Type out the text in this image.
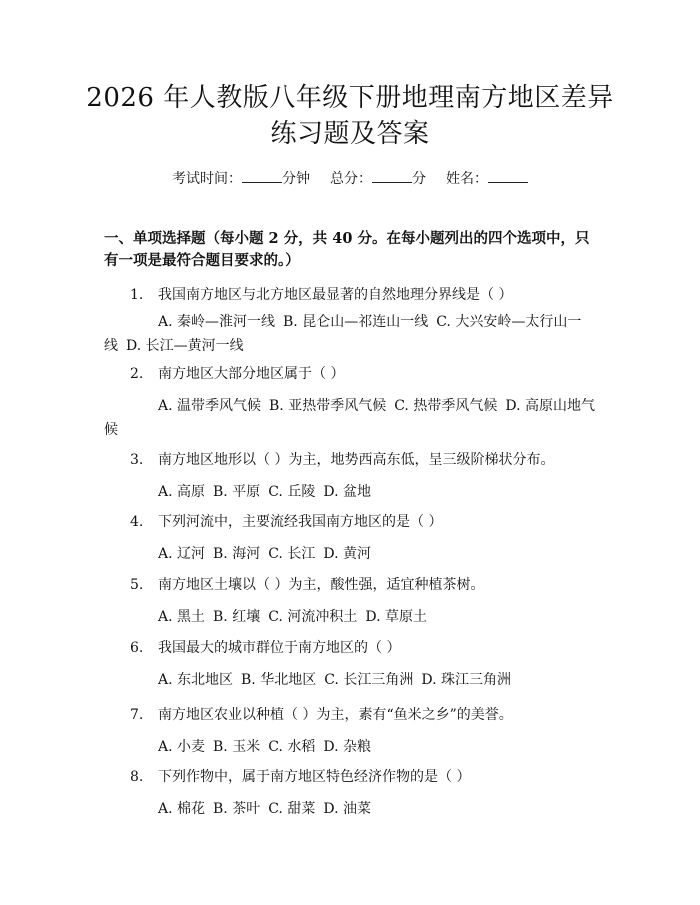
2026 年人教版八年级下册地理南方地区差异
练习题及答案
考试时间：	分钟 总分：	分 姓名：
一、单项选择题（每小题 2 分，共 40 分。在每小题列出的四个选项中，只有一项是最符合题目要求的。）
1. 我国南方地区与北方地区最显著的自然地理分界线是（ ）
A. 秦岭—淮河一线 B. 昆仑山—祁连山一线 C. 大兴安岭—太行山一线 D. 长江—黄河一线
2. 南方地区大部分地区属于（ ）
A. 温带季风气候 B. 亚热带季风气候 C. 热带季风气候 D. 高原山地气候
3. 南方地区地形以（ ）为主，地势西高东低，呈三级阶梯状分布。
A. 高原 B. 平原 C. 丘陵 D. 盆地
4. 下列河流中，主要流经我国南方地区的是（ ）
A. 辽河 B. 海河 C. 长江 D. 黄河
5. 南方地区土壤以（ ）为主，酸性强，适宜种植茶树。
A. 黑土 B. 红壤 C. 河流冲积土 D. 草原土
6. 我国最大的城市群位于南方地区的（ ）
A. 东北地区 B. 华北地区 C. 长江三角洲 D. 珠江三角洲
7. 南方地区农业以种植（ ）为主，素有“鱼米之乡”的美誉。
A. 小麦 B. 玉米 C. 水稻 D. 杂粮
8. 下列作物中，属于南方地区特色经济作物的是（ ）
A. 棉花 B. 茶叶 C. 甜菜 D. 油菜
